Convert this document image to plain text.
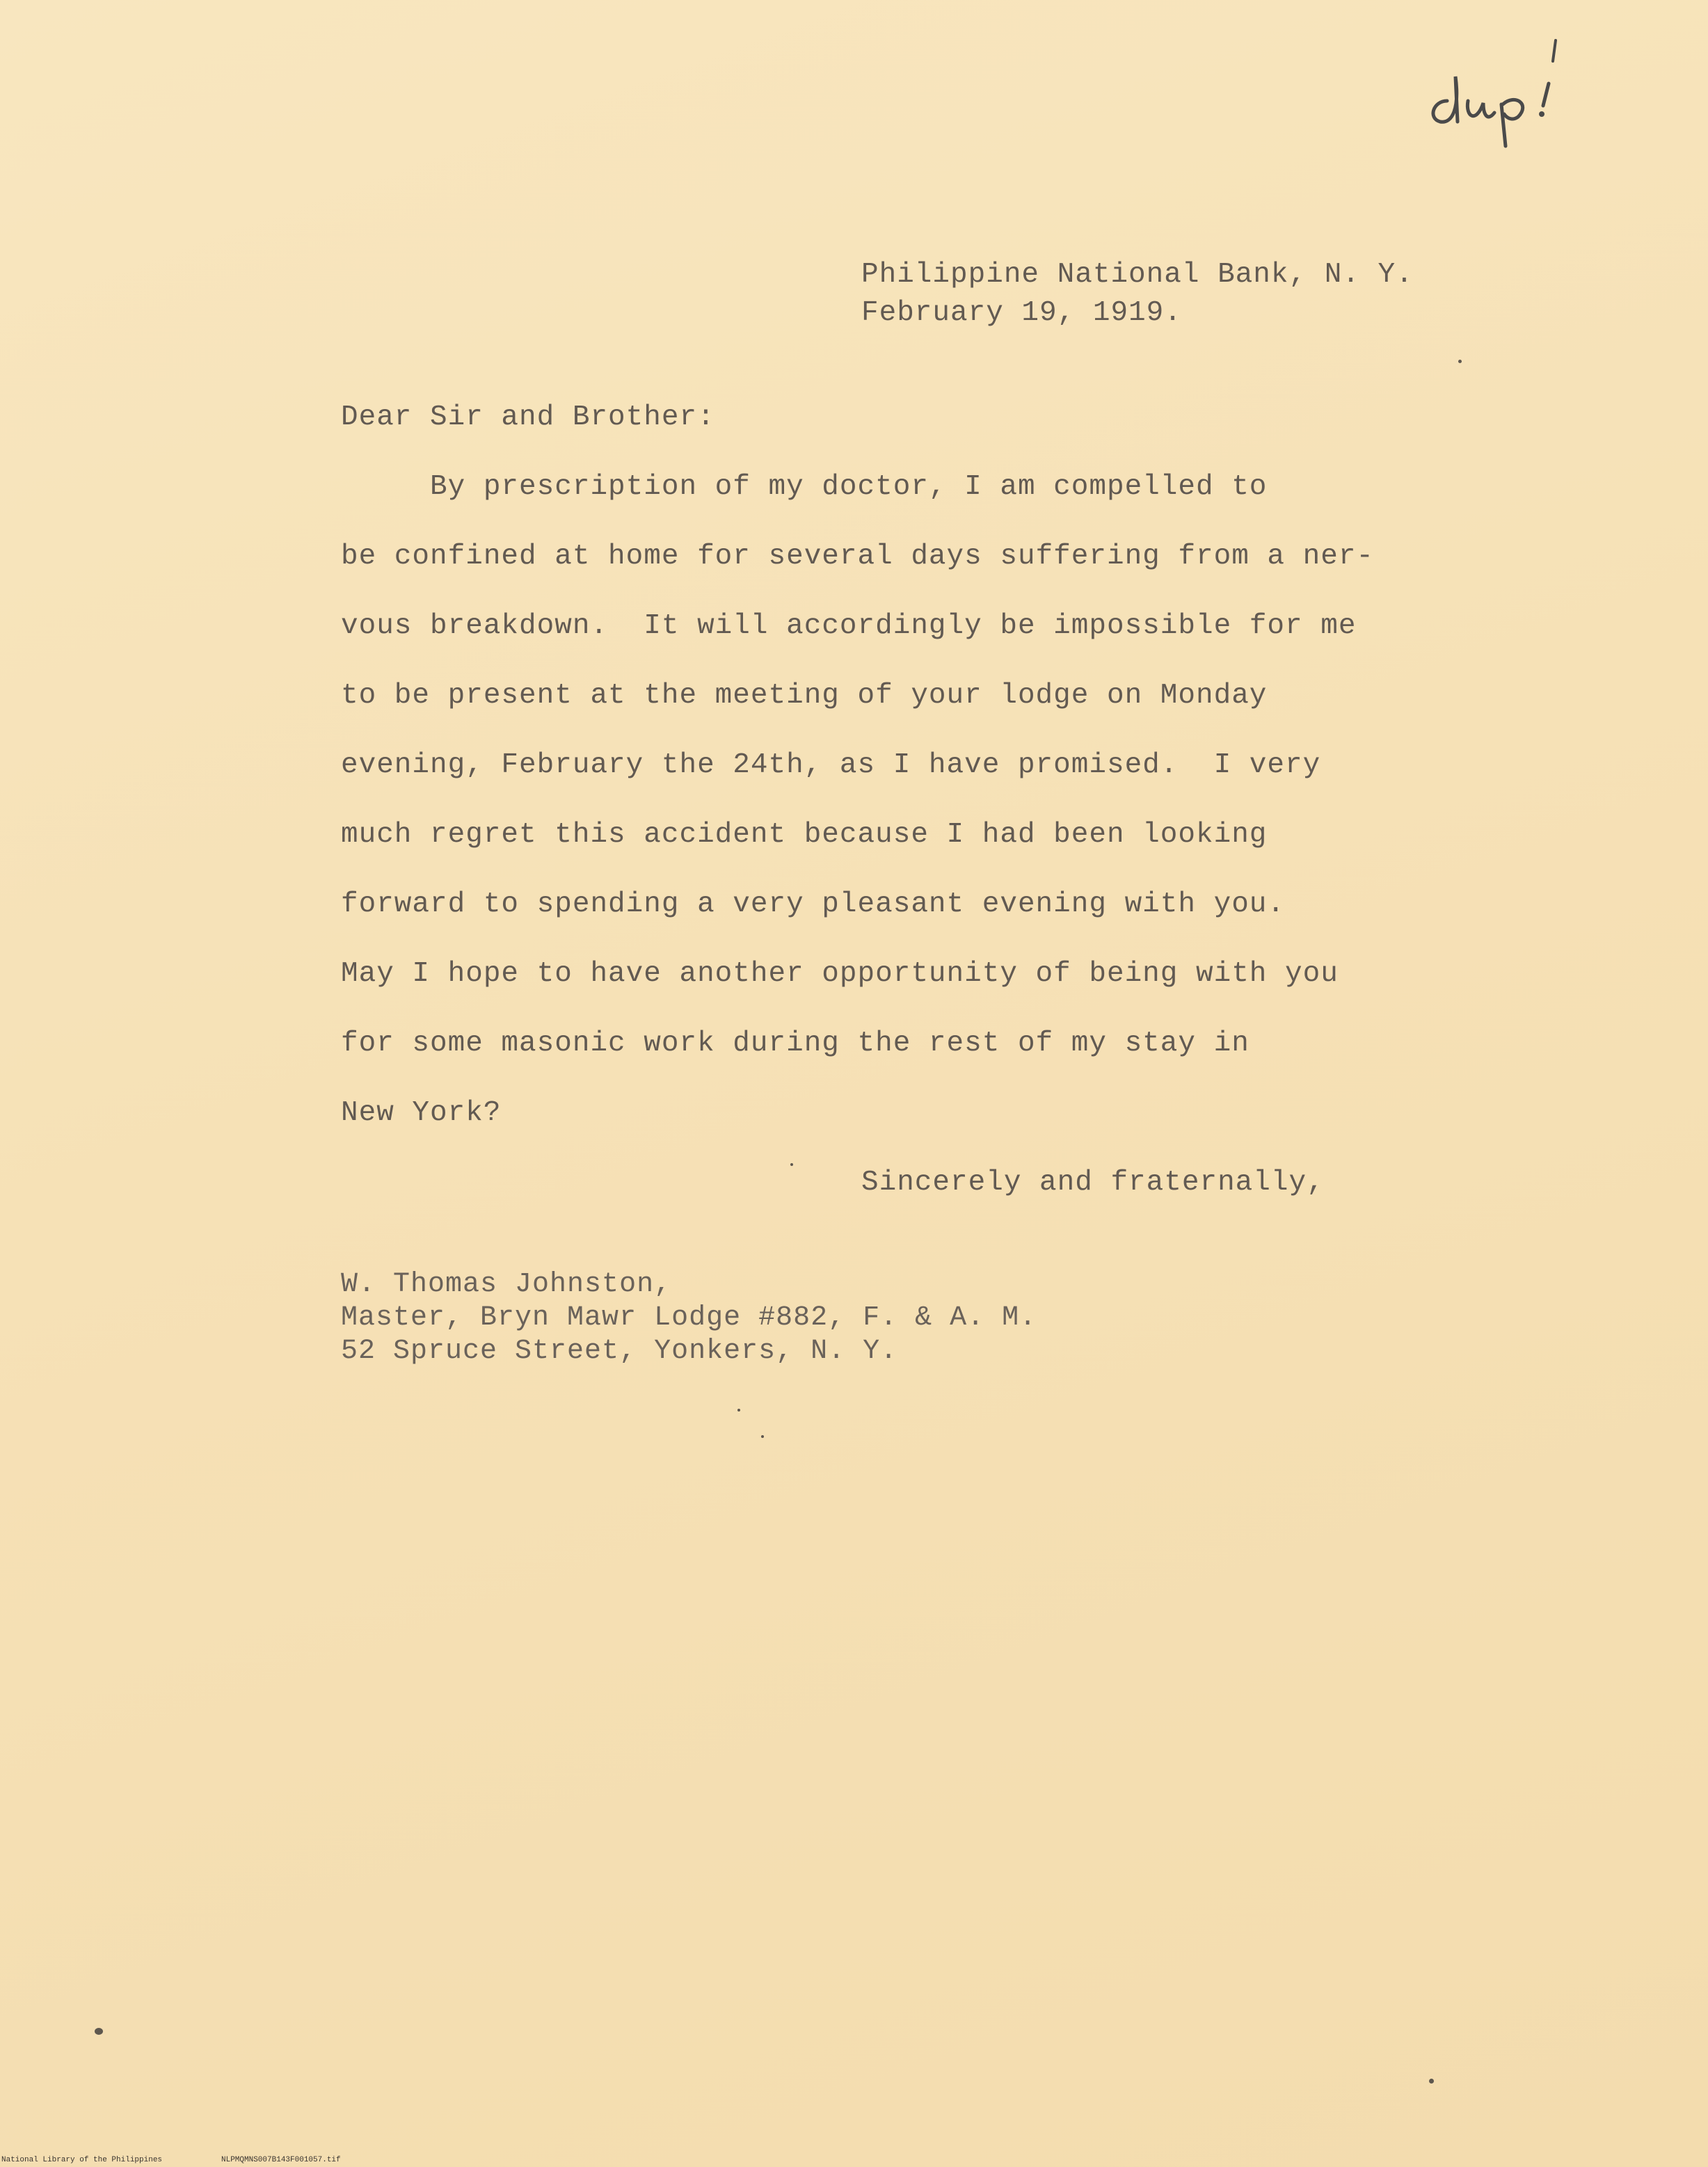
Philippine National Bank, N. Y.
February 19, 1919.
Dear Sir and Brother:
By prescription of my doctor, I am compelled to
be confined at home for several days suffering from a ner-
vous breakdown.  It will accordingly be impossible for me
to be present at the meeting of your lodge on Monday
evening, February the 24th, as I have promised.  I very
much regret this accident because I had been looking
forward to spending a very pleasant evening with you.
May I hope to have another opportunity of being with you
for some masonic work during the rest of my stay in
New York?
Sincerely and fraternally,
W. Thomas Johnston,
Master, Bryn Mawr Lodge #882, F. & A. M.
52 Spruce Street, Yonkers, N. Y.
National Library of the Philippines	NLPMQMNS007B143F001057.tif
